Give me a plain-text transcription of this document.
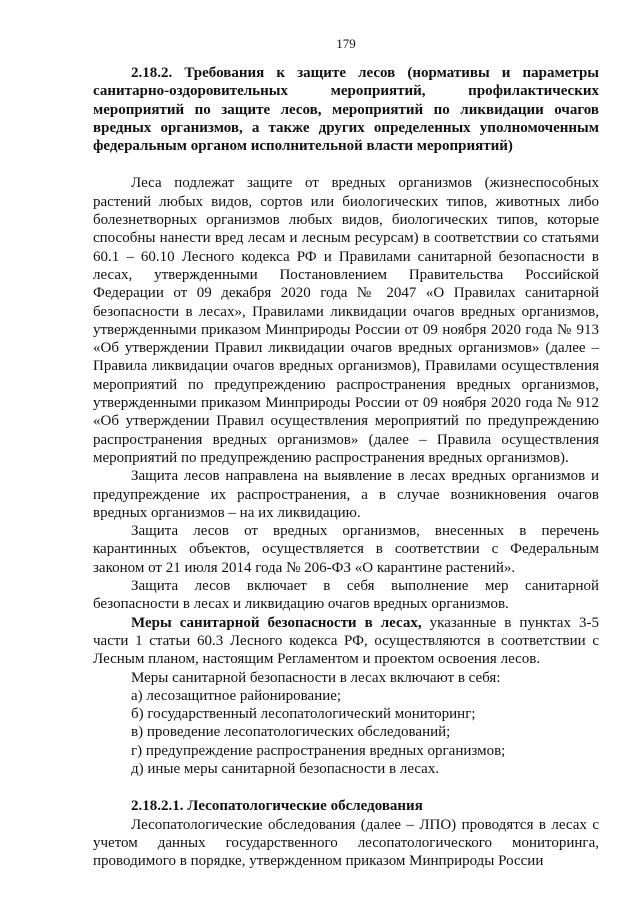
179

2.18.2. Требования к защите лесов (нормативы и параметры санитарно-оздоровительных мероприятий, профилактических мероприятий по защите лесов, мероприятий по ликвидации очагов вредных организмов, а также других определенных уполномоченным федеральным органом исполнительной власти мероприятий)

Леса подлежат защите от вредных организмов (жизнеспособных растений любых видов, сортов или биологических типов, животных либо болезнетворных организмов любых видов, биологических типов, которые способны нанести вред лесам и лесным ресурсам) в соответствии со статьями 60.1 – 60.10 Лесного кодекса РФ и Правилами санитарной безопасности в лесах, утвержденными Постановлением Правительства Российской Федерации от 09 декабря 2020 года № 2047 «О Правилах санитарной безопасности в лесах», Правилами ликвидации очагов вредных организмов, утвержденными приказом Минприроды России от 09 ноября 2020 года № 913 «Об утверждении Правил ликвидации очагов вредных организмов» (далее – Правила ликвидации очагов вредных организмов), Правилами осуществления мероприятий по предупреждению распространения вредных организмов, утвержденными приказом Минприроды России от 09 ноября 2020 года № 912 «Об утверждении Правил осуществления мероприятий по предупреждению распространения вредных организмов» (далее – Правила осуществления мероприятий по предупреждению распространения вредных организмов).

Защита лесов направлена на выявление в лесах вредных организмов и предупреждение их распространения, а в случае возникновения очагов вредных организмов – на их ликвидацию.

Защита лесов от вредных организмов, внесенных в перечень карантинных объектов, осуществляется в соответствии с Федеральным законом от 21 июля 2014 года № 206-ФЗ «О карантине растений».

Защита лесов включает в себя выполнение мер санитарной безопасности в лесах и ликвидацию очагов вредных организмов.

Меры санитарной безопасности в лесах, указанные в пунктах 3-5 части 1 статьи 60.3 Лесного кодекса РФ, осуществляются в соответствии с Лесным планом, настоящим Регламентом и проектом освоения лесов.

Меры санитарной безопасности в лесах включают в себя:

а) лесозащитное районирование;

б) государственный лесопатологический мониторинг;

в) проведение лесопатологических обследований;

г) предупреждение распространения вредных организмов;

д) иные меры санитарной безопасности в лесах.

2.18.2.1. Лесопатологические обследования

Лесопатологические обследования (далее – ЛПО) проводятся в лесах с учетом данных государственного лесопатологического мониторинга, проводимого в порядке, утвержденном приказом Минприроды России
